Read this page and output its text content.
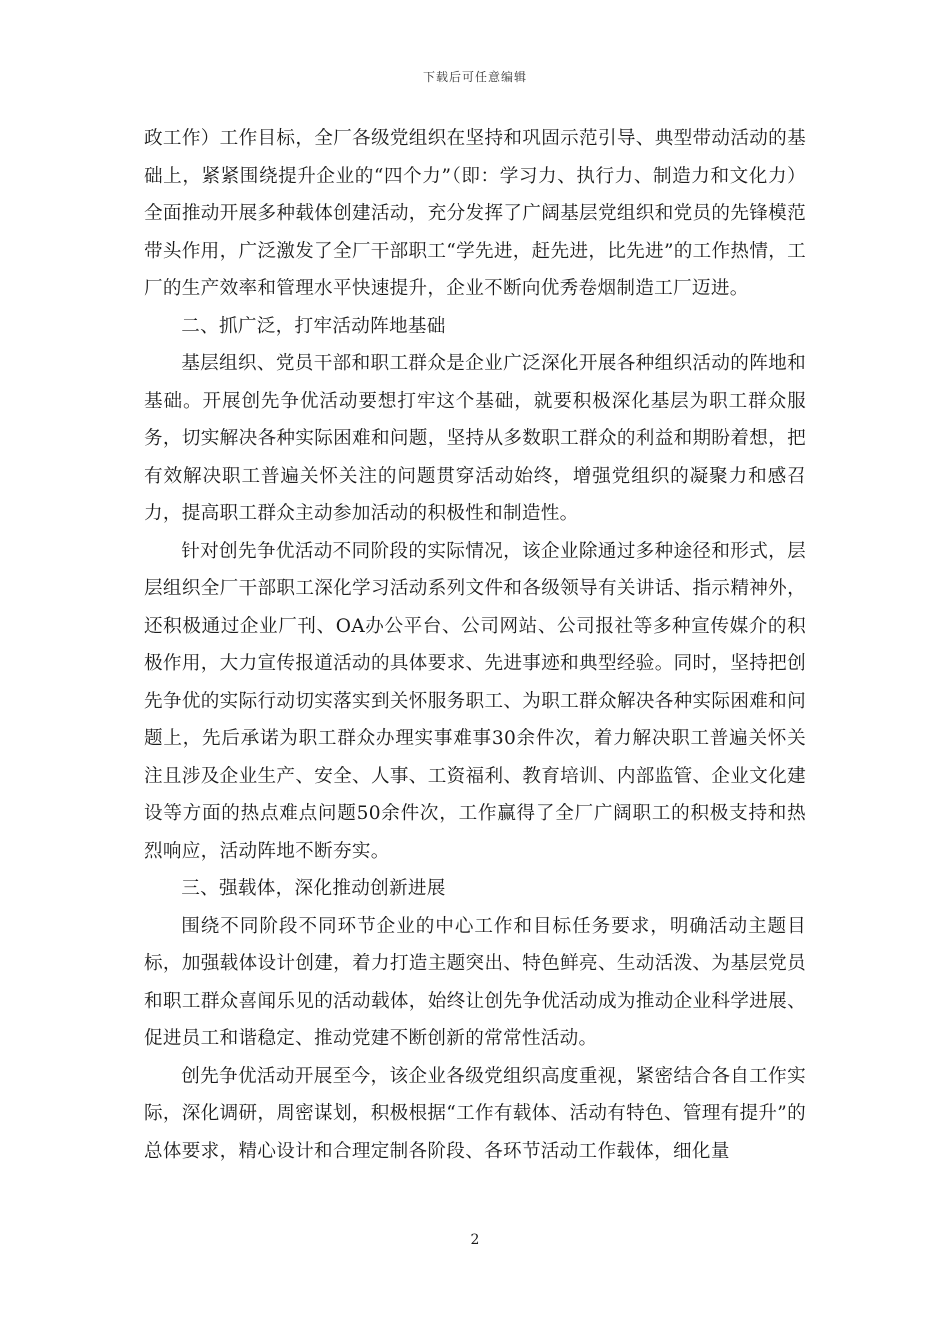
下载后可任意编辑

政工作）工作目标，全厂各级党组织在坚持和巩固示范引导、典型带动活动的基础上，紧紧围绕提升企业的“四个力”（即：学习力、执行力、制造力和文化力）全面推动开展多种载体创建活动，充分发挥了广阔基层党组织和党员的先锋模范带头作用，广泛激发了全厂干部职工“学先进，赶先进，比先进”的工作热情，工厂的生产效率和管理水平快速提升，企业不断向优秀卷烟制造工厂迈进。

二、抓广泛，打牢活动阵地基础

基层组织、党员干部和职工群众是企业广泛深化开展各种组织活动的阵地和基础。开展创先争优活动要想打牢这个基础，就要积极深化基层为职工群众服务，切实解决各种实际困难和问题，坚持从多数职工群众的利益和期盼着想，把有效解决职工普遍关怀关注的问题贯穿活动始终，增强党组织的凝聚力和感召力，提高职工群众主动参加活动的积极性和制造性。

针对创先争优活动不同阶段的实际情况，该企业除通过多种途径和形式，层层组织全厂干部职工深化学习活动系列文件和各级领导有关讲话、指示精神外，还积极通过企业厂刊、OA办公平台、公司网站、公司报社等多种宣传媒介的积极作用，大力宣传报道活动的具体要求、先进事迹和典型经验。同时，坚持把创先争优的实际行动切实落实到关怀服务职工、为职工群众解决各种实际困难和问题上，先后承诺为职工群众办理实事难事30余件次，着力解决职工普遍关怀关注且涉及企业生产、安全、人事、工资福利、教育培训、内部监管、企业文化建设等方面的热点难点问题50余件次，工作赢得了全厂广阔职工的积极支持和热烈响应，活动阵地不断夯实。

三、强载体，深化推动创新进展

围绕不同阶段不同环节企业的中心工作和目标任务要求，明确活动主题目标，加强载体设计创建，着力打造主题突出、特色鲜亮、生动活泼、为基层党员和职工群众喜闻乐见的活动载体，始终让创先争优活动成为推动企业科学进展、促进员工和谐稳定、推动党建不断创新的常常性活动。

创先争优活动开展至今，该企业各级党组织高度重视，紧密结合各自工作实际，深化调研，周密谋划，积极根据“工作有载体、活动有特色、管理有提升”的总体要求，精心设计和合理定制各阶段、各环节活动工作载体，细化量

2
